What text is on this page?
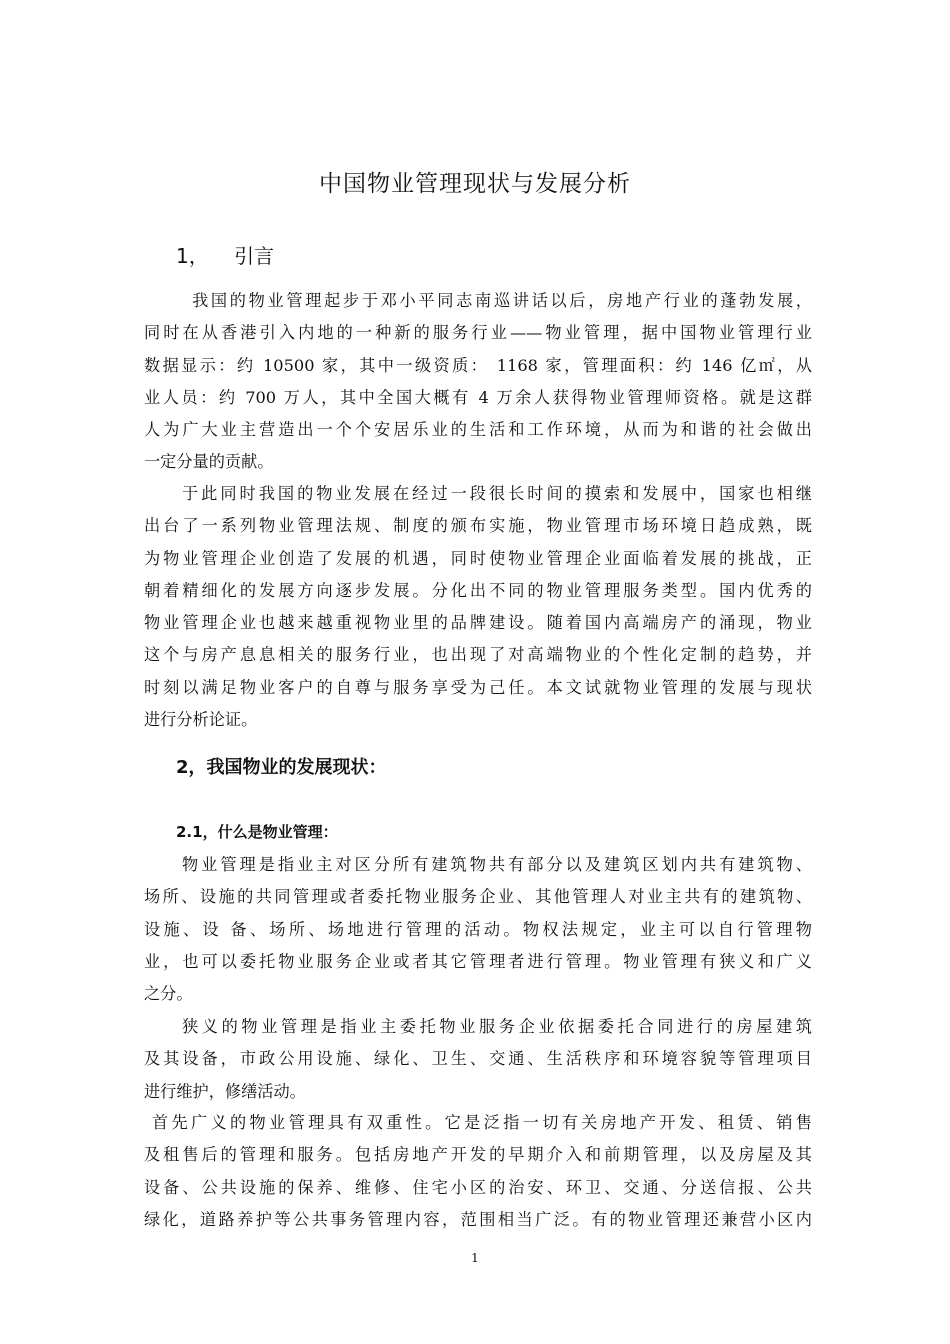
中国物业管理现状与发展分析
1，    引言
我国的物业管理起步于邓小平同志南巡讲话以后，房地产行业的蓬勃发展，
同时在从香港引入内地的一种新的服务行业——物业管理，据中国物业管理行业
数据显示：约 10500 家，其中一级资质： 1168 家，管理面积：约 146 亿㎡，从
业人员：约 700 万人，其中全国大概有 4 万余人获得物业管理师资格。就是这群
人为广大业主营造出一个个安居乐业的生活和工作环境，从而为和谐的社会做出
一定分量的贡献。
于此同时我国的物业发展在经过一段很长时间的摸索和发展中，国家也相继
出台了一系列物业管理法规、制度的颁布实施，物业管理市场环境日趋成熟，既
为物业管理企业创造了发展的机遇，同时使物业管理企业面临着发展的挑战，正
朝着精细化的发展方向逐步发展。分化出不同的物业管理服务类型。国内优秀的
物业管理企业也越来越重视物业里的品牌建设。随着国内高端房产的涌现，物业
这个与房产息息相关的服务行业，也出现了对高端物业的个性化定制的趋势，并
时刻以满足物业客户的自尊与服务享受为己任。本文试就物业管理的发展与现状
进行分析论证。
2，我国物业的发展现状：
2.1，什么是物业管理：
物业管理是指业主对区分所有建筑物共有部分以及建筑区划内共有建筑物、
场所、设施的共同管理或者委托物业服务企业、其他管理人对业主共有的建筑物、
设施、设 备、场所、场地进行管理的活动。物权法规定，业主可以自行管理物
业，也可以委托物业服务企业或者其它管理者进行管理。物业管理有狭义和广义
之分。
狭义的物业管理是指业主委托物业服务企业依据委托合同进行的房屋建筑
及其设备，市政公用设施、绿化、卫生、交通、生活秩序和环境容貌等管理项目
进行维护，修缮活动。
首先广义的物业管理具有双重性。它是泛指一切有关房地产开发、租赁、销售
及租售后的管理和服务。包括房地产开发的早期介入和前期管理，以及房屋及其
设备、公共设施的保养、维修、住宅小区的治安、环卫、交通、分送信报、公共
绿化，道路养护等公共事务管理内容，范围相当广泛。有的物业管理还兼营小区内
1
